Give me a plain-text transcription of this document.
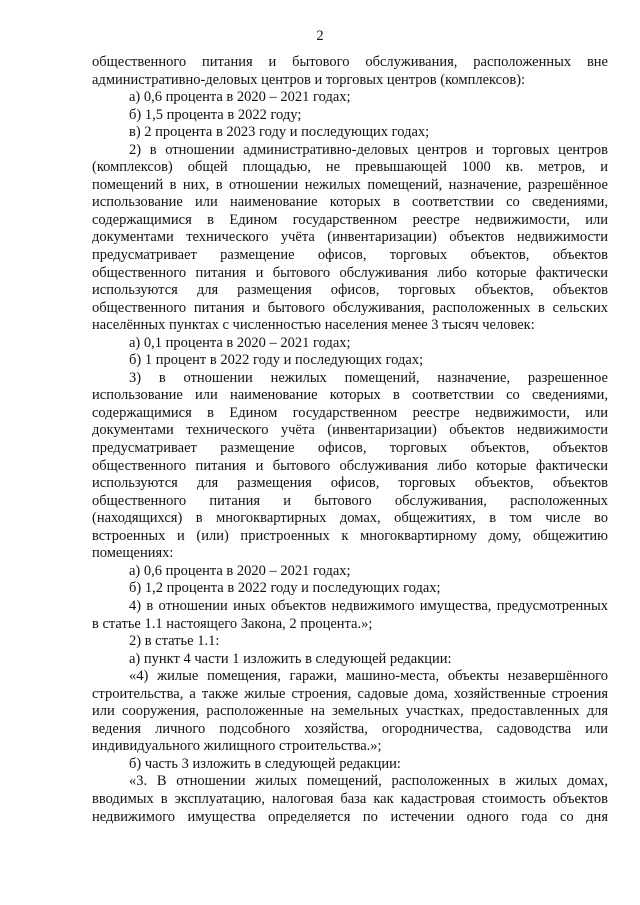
2
общественного питания и бытового обслуживания, расположенных вне
административно-деловых центров и торговых центров (комплексов):
а) 0,6 процента в 2020 – 2021 годах;
б) 1,5 процента в 2022 году;
в) 2 процента в 2023 году и последующих годах;
2) в отношении административно-деловых центров и торговых центров
(комплексов) общей площадью, не превышающей 1000 кв. метров, и
помещений в них, в отношении нежилых помещений, назначение, разрешённое
использование или наименование которых в соответствии со сведениями,
содержащимися в Едином государственном реестре недвижимости, или
документами технического учёта (инвентаризации) объектов недвижимости
предусматривает размещение офисов, торговых объектов, объектов
общественного питания и бытового обслуживания либо которые фактически
используются для размещения офисов, торговых объектов, объектов
общественного питания и бытового обслуживания, расположенных в сельских
населённых пунктах с численностью населения менее 3 тысяч человек:
а) 0,1 процента в 2020 – 2021 годах;
б) 1 процент в 2022 году и последующих годах;
3) в отношении нежилых помещений, назначение, разрешенное
использование или наименование которых в соответствии со сведениями,
содержащимися в Едином государственном реестре недвижимости, или
документами технического учёта (инвентаризации) объектов недвижимости
предусматривает размещение офисов, торговых объектов, объектов
общественного питания и бытового обслуживания либо которые фактически
используются для размещения офисов, торговых объектов, объектов
общественного питания и бытового обслуживания, расположенных
(находящихся) в многоквартирных домах, общежитиях, в том числе во
встроенных и (или) пристроенных к многоквартирному дому, общежитию
помещениях:
а) 0,6 процента в 2020 – 2021 годах;
б) 1,2 процента в 2022 году и последующих годах;
4) в отношении иных объектов недвижимого имущества, предусмотренных
в статье 1.1 настоящего Закона, 2 процента.»;
2) в статье 1.1:
а) пункт 4 части 1 изложить в следующей редакции:
«4) жилые помещения, гаражи, машино-места, объекты незавершённого
строительства, а также жилые строения, садовые дома, хозяйственные строения
или сооружения, расположенные на земельных участках, предоставленных для
ведения личного подсобного хозяйства, огородничества, садоводства или
индивидуального жилищного строительства.»;
б) часть 3 изложить в следующей редакции:
«3. В отношении жилых помещений, расположенных в жилых домах,
вводимых в эксплуатацию, налоговая база как кадастровая стоимость объектов
недвижимого имущества определяется по истечении одного года со дня
